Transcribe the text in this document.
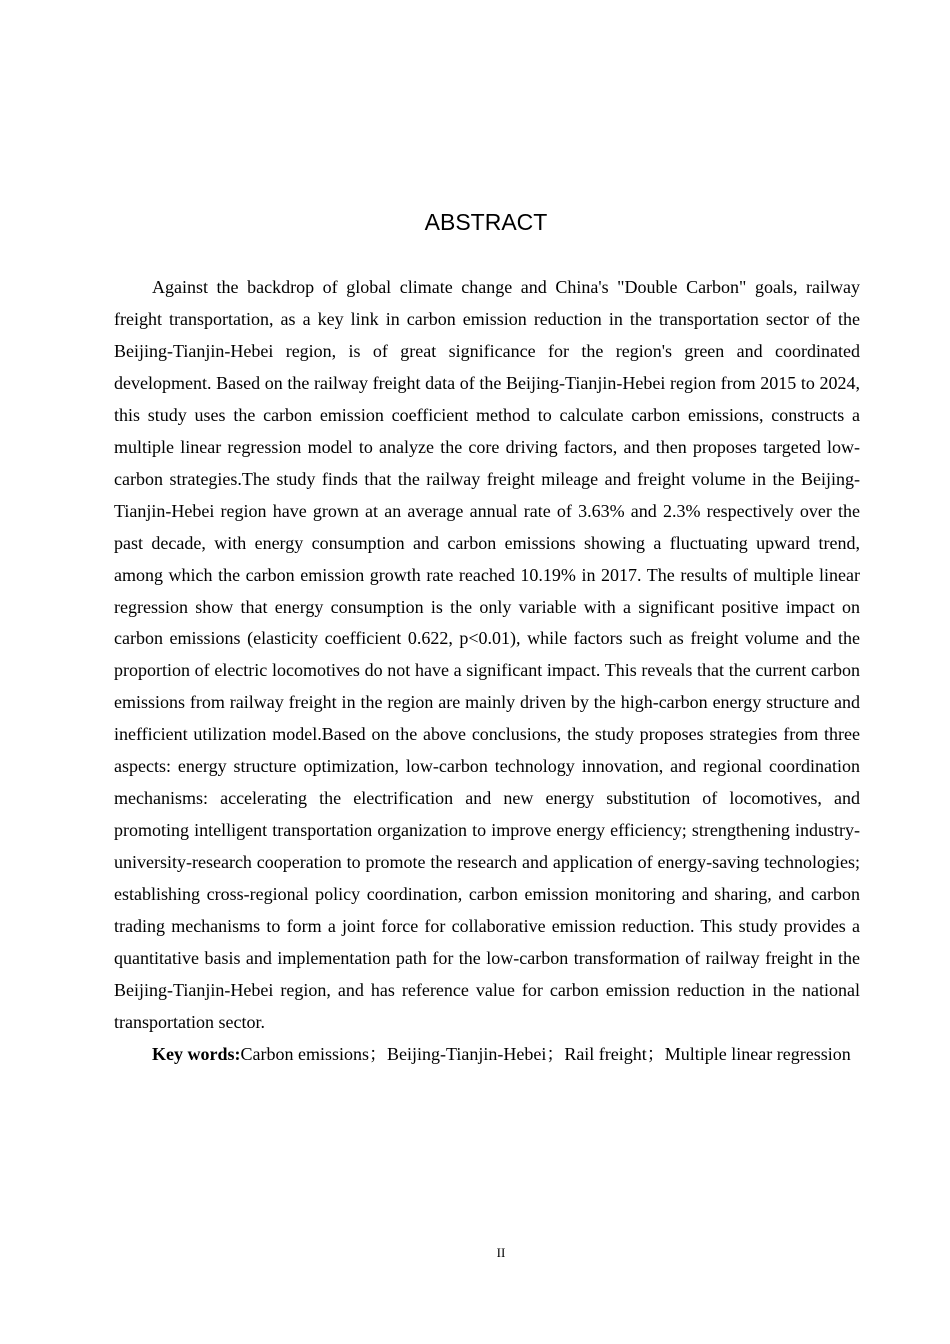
ABSTRACT

Against the backdrop of global climate change and China's "Double Carbon" goals, railway freight transportation, as a key link in carbon emission reduction in the transportation sector of the Beijing-Tianjin-Hebei region, is of great significance for the region's green and coordinated development. Based on the railway freight data of the Beijing-Tianjin-Hebei region from 2015 to 2024, this study uses the carbon emission coefficient method to calculate carbon emissions, constructs a multiple linear regression model to analyze the core driving factors, and then proposes targeted low-carbon strategies.The study finds that the railway freight mileage and freight volume in the Beijing-Tianjin-Hebei region have grown at an average annual rate of 3.63% and 2.3% respectively over the past decade, with energy consumption and carbon emissions showing a fluctuating upward trend, among which the carbon emission growth rate reached 10.19% in 2017. The results of multiple linear regression show that energy consumption is the only variable with a significant positive impact on carbon emissions (elasticity coefficient 0.622, p<0.01), while factors such as freight volume and the proportion of electric locomotives do not have a significant impact. This reveals that the current carbon emissions from railway freight in the region are mainly driven by the high-carbon energy structure and inefficient utilization model.Based on the above conclusions, the study proposes strategies from three aspects: energy structure optimization, low-carbon technology innovation, and regional coordination mechanisms: accelerating the electrification and new energy substitution of locomotives, and promoting intelligent transportation organization to improve energy efficiency; strengthening industry-university-research cooperation to promote the research and application of energy-saving technologies; establishing cross-regional policy coordination, carbon emission monitoring and sharing, and carbon trading mechanisms to form a joint force for collaborative emission reduction. This study provides a quantitative basis and implementation path for the low-carbon transformation of railway freight in the Beijing-Tianjin-Hebei region, and has reference value for carbon emission reduction in the national transportation sector.

Key words:Carbon emissions；Beijing-Tianjin-Hebei；Rail freight；Multiple linear regression

II
